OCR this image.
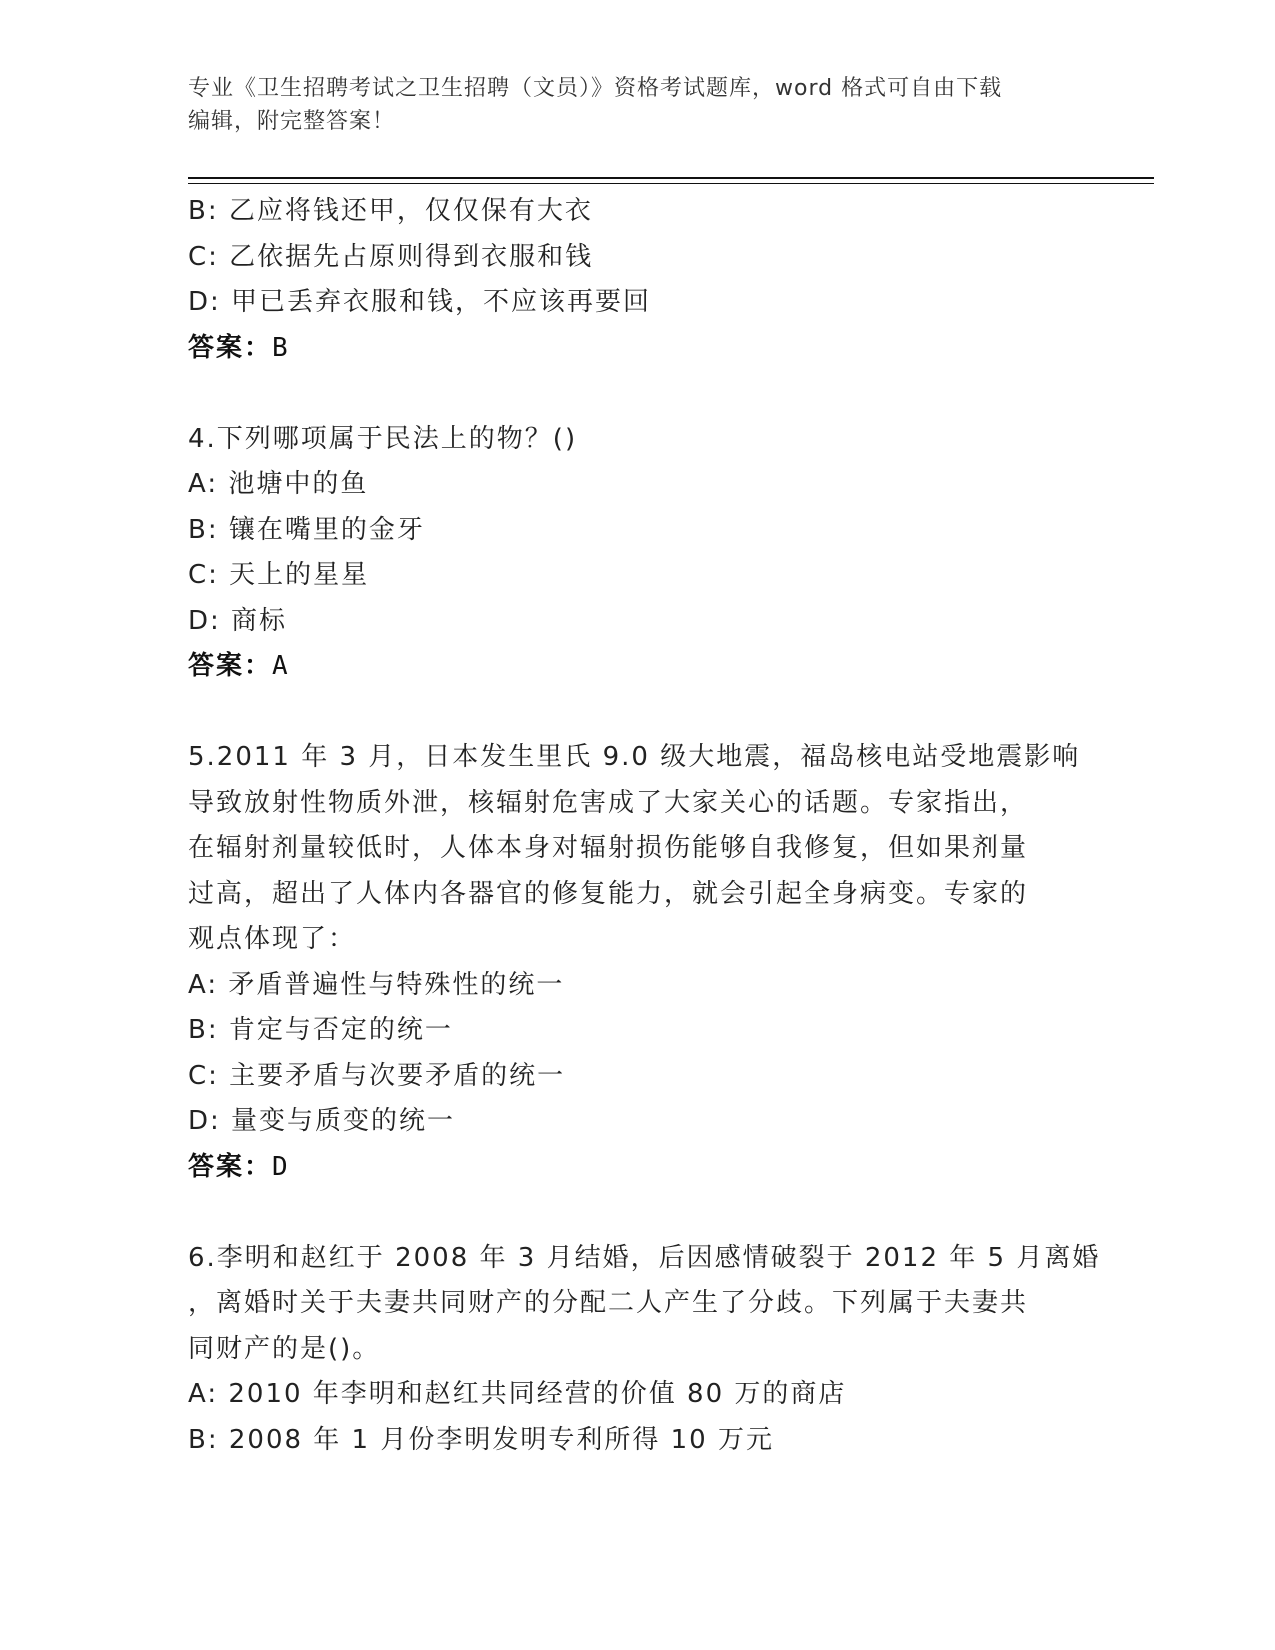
专业《卫生招聘考试之卫生招聘（文员）》资格考试题库，word 格式可自由下载
编辑，附完整答案！
B: 乙应将钱还甲，仅仅保有大衣
C: 乙依据先占原则得到衣服和钱
D: 甲已丢弃衣服和钱，不应该再要回
答案：B
4.下列哪项属于民法上的物？()
A: 池塘中的鱼
B: 镶在嘴里的金牙
C: 天上的星星
D: 商标
答案：A
5.2011 年 3 月，日本发生里氏 9.0 级大地震，福岛核电站受地震影响
导致放射性物质外泄，核辐射危害成了大家关心的话题。专家指出，
在辐射剂量较低时，人体本身对辐射损伤能够自我修复，但如果剂量
过高，超出了人体内各器官的修复能力，就会引起全身病变。专家的
观点体现了：
A: 矛盾普遍性与特殊性的统一
B: 肯定与否定的统一
C: 主要矛盾与次要矛盾的统一
D: 量变与质变的统一
答案：D
6.李明和赵红于 2008 年 3 月结婚，后因感情破裂于 2012 年 5 月离婚
，离婚时关于夫妻共同财产的分配二人产生了分歧。下列属于夫妻共
同财产的是()。
A: 2010 年李明和赵红共同经营的价值 80 万的商店
B: 2008 年 1 月份李明发明专利所得 10 万元
